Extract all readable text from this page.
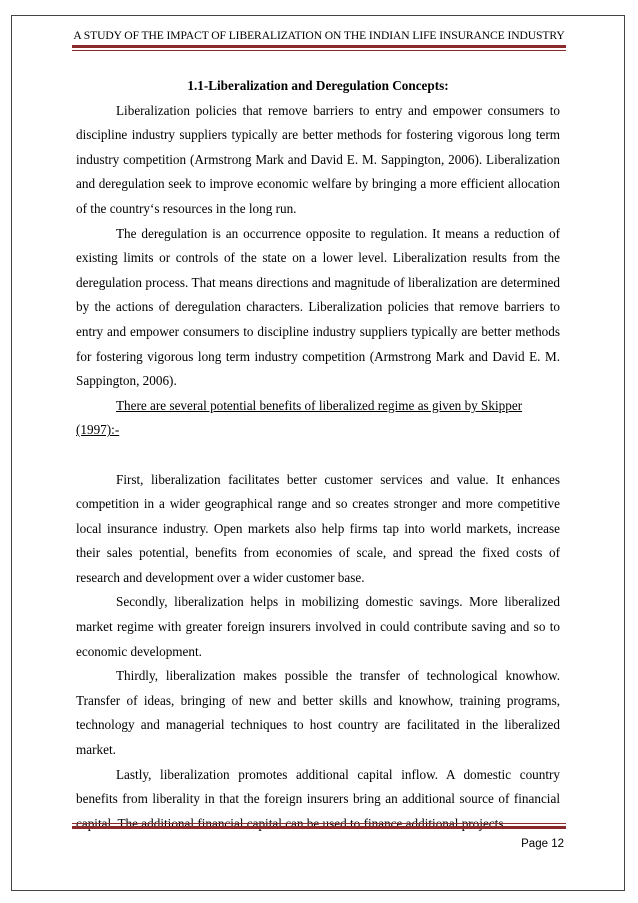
A STUDY OF THE IMPACT OF LIBERALIZATION ON THE INDIAN LIFE INSURANCE INDUSTRY

1.1-Liberalization and Deregulation Concepts:

Liberalization policies that remove barriers to entry and empower consumers to discipline industry suppliers typically are better methods for fostering vigorous long term industry competition (Armstrong Mark and David E. M. Sappington, 2006). Liberalization and deregulation seek to improve economic welfare by bringing a more efficient allocation of the country‘s resources in the long run.

The deregulation is an occurrence opposite to regulation. It means a reduction of existing limits or controls of the state on a lower level. Liberalization results from the deregulation process. That means directions and magnitude of liberalization are determined by the actions of deregulation characters. Liberalization policies that remove barriers to entry and empower consumers to discipline industry suppliers typically are better methods for fostering vigorous long term industry competition (Armstrong Mark and David E. M. Sappington, 2006).

There are several potential benefits of liberalized regime as given by Skipper (1997):-

First, liberalization facilitates better customer services and value. It enhances competition in a wider geographical range and so creates stronger and more competitive local insurance industry. Open markets also help firms tap into world markets, increase their sales potential, benefits from economies of scale, and spread the fixed costs of research and development over a wider customer base.

Secondly, liberalization helps in mobilizing domestic savings. More liberalized market regime with greater foreign insurers involved in could contribute saving and so to economic development.

Thirdly, liberalization makes possible the transfer of technological knowhow. Transfer of ideas, bringing of new and better skills and knowhow, training programs, technology and managerial techniques to host country are facilitated in the liberalized market.

Lastly, liberalization promotes additional capital inflow. A domestic country benefits from liberality in that the foreign insurers bring an additional source of financial be

Page 12
